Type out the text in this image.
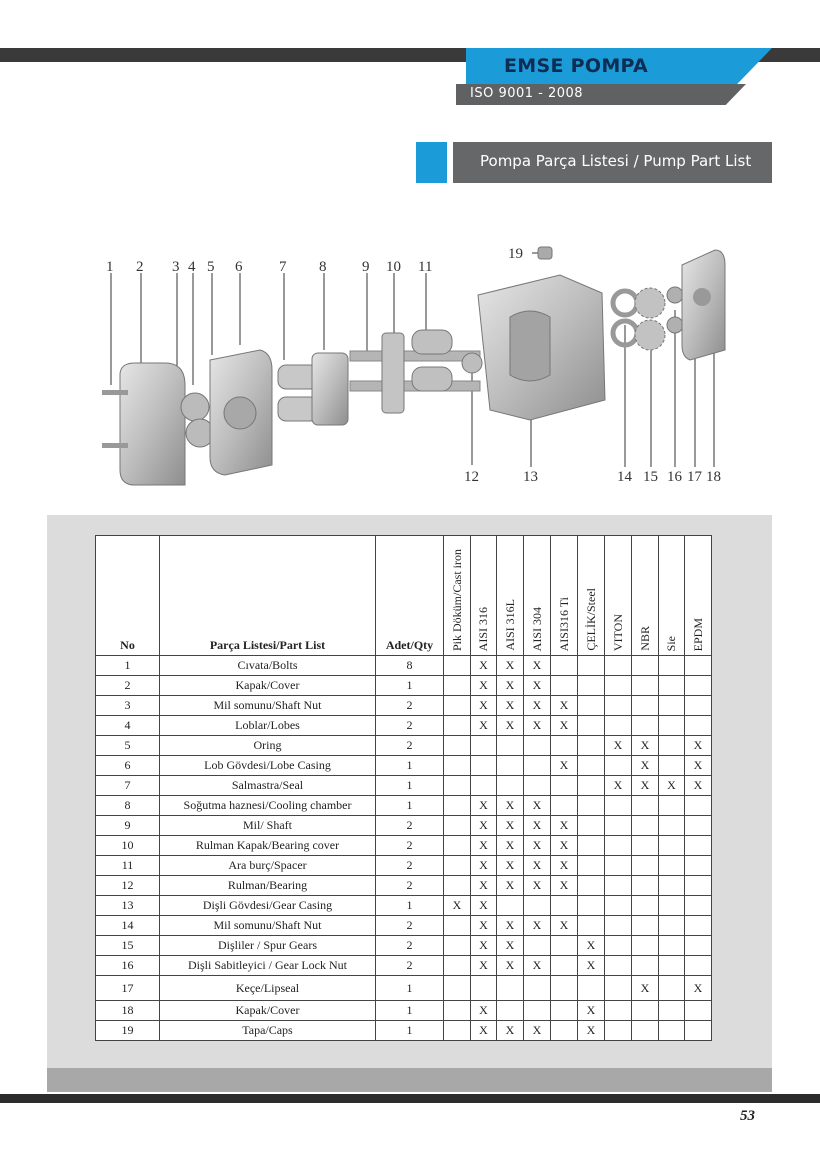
EMSE POMPA
ISO 9001 - 2008
Pompa Parça Listesi / Pump Part List
1 2 3 4 5 6 7 8 9 10 11
12	13	14 15 16 17 18
19
No	Parça Listesi/Part List	Adet/Qty	Pik Döküm/Cast iron	AISI 316	AISI 316L	AISI 304	AISI316 Ti	ÇELİK/Steel	VITON	NBR	Sie	EPDM

1	Cıvata/Bolts	8		X	X	X						
2	Kapak/Cover	1		X	X	X						
3	Mil somunu/Shaft Nut	2		X	X	X	X					
4	Loblar/Lobes	2		X	X	X	X					
5	Oring	2							X	X		X
6	Lob Gövdesi/Lobe Casing	1					X			X		X
7	Salmastra/Seal	1							X	X	X	X
8	Soğutma haznesi/Cooling chamber	1		X	X	X						
9	Mil/ Shaft	2		X	X	X	X					
10	Rulman Kapak/Bearing cover	2		X	X	X	X					
11	Ara burç/Spacer	2		X	X	X	X					
12	Rulman/Bearing	2		X	X	X	X					
13	Dişli Gövdesi/Gear Casing	1	X	X								
14	Mil somunu/Shaft Nut	2		X	X	X	X					
15	Dişliler / Spur Gears	2		X	X			X				
16	Dişli Sabitleyici / Gear Lock Nut	2		X	X	X		X				
17	Keçe/Lipseal	1								X		X
18	Kapak/Cover	1		X				X				
19	Tapa/Caps	1		X	X	X		X				
53
